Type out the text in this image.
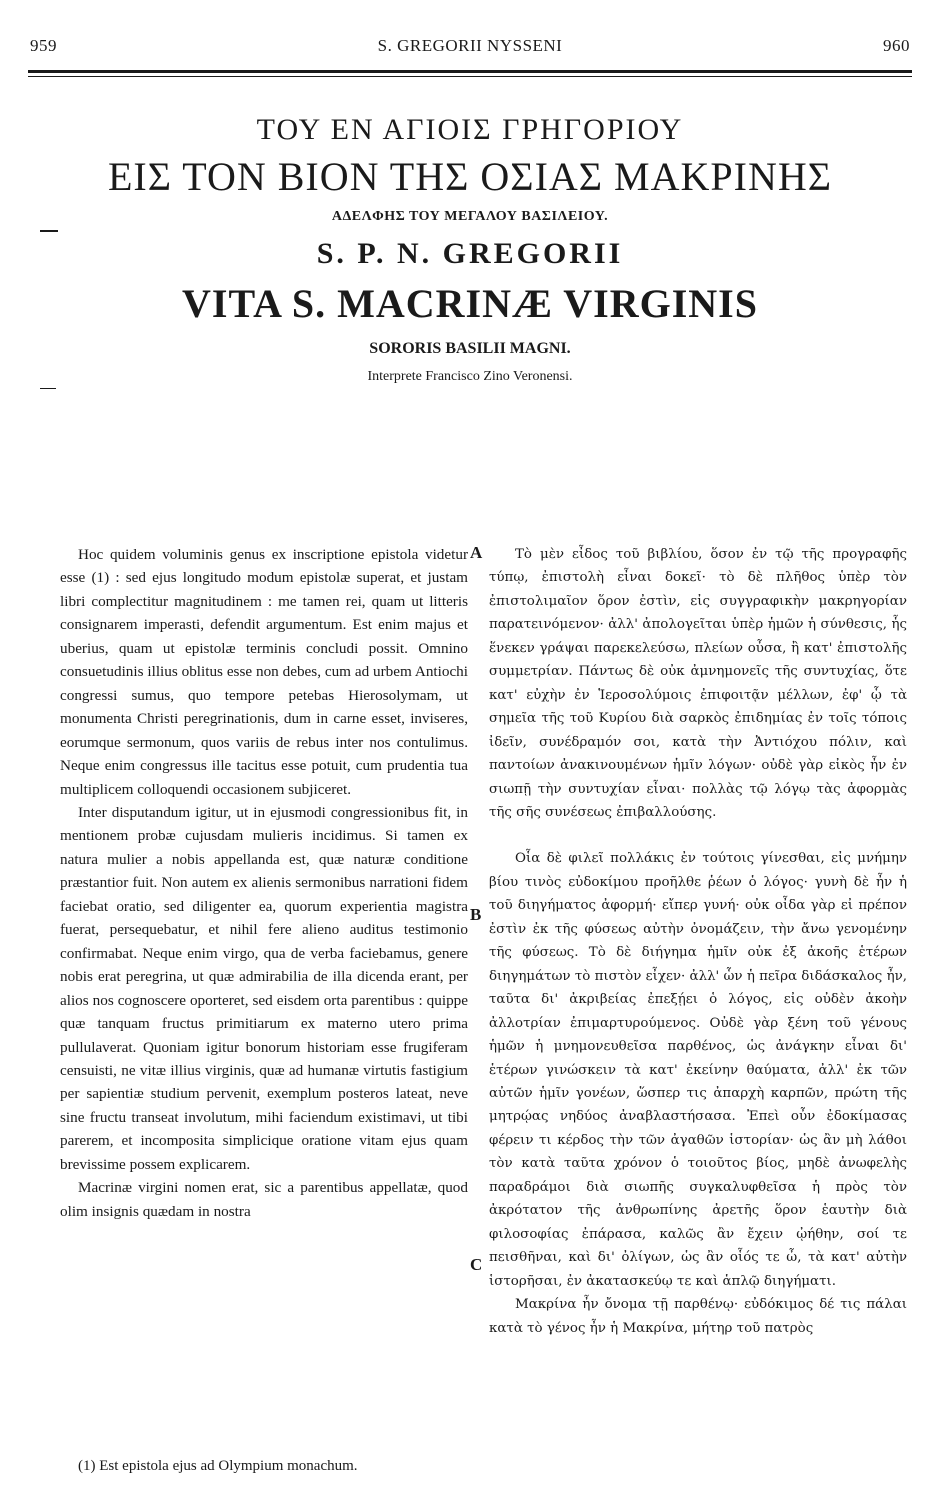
959	S. GREGORII NYSSENI	960
ΤΟΥ ΕΝ ΑΓΙΟΙΣ ΓΡΗΓΟΡΙΟΥ
ΕΙΣ ΤΟΝ ΒΙΟΝ ΤΗΣ ΟΣΙΑΣ ΜΑΚΡΙΝΗΣ
ΑΔΕΛΦΗΣ ΤΟΥ ΜΕΓΑΛΟΥ ΒΑΣΙΛΕΙΟΥ.
S. P. N. GREGORII
VITA S. MACRINÆ VIRGINIS
SORORIS BASILII MAGNI.
Interprete Francisco Zino Veronensi.

Hoc quidem voluminis genus ex inscriptione epistola videtur esse (1) : sed ejus longitudo modum epistolæ superat, et justam libri complectitur magnitudinem : me tamen rei, quam ut litteris consignarem imperasti, defendit argumentum. Est enim majus et uberius, quam ut epistolæ terminis concludi possit. Omnino consuetudinis illius oblitus esse non debes, cum ad urbem Antiochi congressi sumus, quo tempore petebas Hierosolymam, ut monumenta Christi peregrinationis, dum in carne esset, inviseres, eorumque sermonum, quos variis de rebus inter nos contulimus. Neque enim congressus ille tacitus esse potuit, cum prudentia tua multiplicem colloquendi occasionem subjiceret.

Inter disputandum igitur, ut in ejusmodi congressionibus fit, in mentionem probæ cujusdam mulieris incidimus. Si tamen ex natura mulier a nobis appellanda est, quæ naturæ conditione præstantior fuit. Non autem ex alienis sermonibus narrationi fidem faciebat oratio, sed diligenter ea, quorum experientia magistra fuerat, persequebatur, et nihil fere alieno auditus testimonio confirmabat. Neque enim virgo, qua de verba faciebamus, genere nobis erat peregrina, ut quæ admirabilia de illa dicenda erant, per alios nos cognoscere oporteret, sed eisdem orta parentibus : quippe quæ tanquam fructus primitiarum ex materno utero prima pullulaverat. Quoniam igitur bonorum historiam esse frugiferam censuisti, ne vitæ illius virginis, quæ ad humanæ virtutis fastigium per sapientiæ studium pervenit, exemplum posteros lateat, neve sine fructu transeat involutum, mihi faciendum existimavi, ut tibi parerem, et incomposita simplicique oratione vitam ejus quam brevissime possem explicarem.

Macrinæ virgini nomen erat, sic a parentibus appellatæ, quod olim insignis quædam in nostra

Τὸ μὲν εἶδος τοῦ βιβλίου, ὅσον ἐν τῷ τῆς προγραφῆς τύπῳ, ἐπιστολὴ εἶναι δοκεῖ· τὸ δὲ πλῆθος ὑπὲρ τὸν ἐπιστολιμαῖον ὅρον ἐστὶν, εἰς συγγραφικὴν μακρηγορίαν παρατεινόμενον· ἀλλ' ἀπολογεῖται ὑπὲρ ἡμῶν ἡ σύνθεσις, ἧς ἕνεκεν γράψαι παρεκελεύσω, πλείων οὖσα, ἢ κατ' ἐπιστολῆς συμμετρίαν. Πάντως δὲ οὐκ ἀμνημονεῖς τῆς συντυχίας, ὅτε κατ' εὐχὴν ἐν Ἱεροσολύμοις ἐπιφοιτᾷν μέλλων, ἐφ' ᾧ τὰ σημεῖα τῆς τοῦ Κυρίου διὰ σαρκὸς ἐπιδημίας ἐν τοῖς τόποις ἰδεῖν, συνέδραμόν σοι, κατὰ τὴν Ἀντιόχου πόλιν, καὶ παντοίων ἀνακινουμένων ἡμῖν λόγων· οὐδὲ γὰρ εἰκὸς ἦν ἐν σιωπῇ τὴν συντυχίαν εἶναι· πολλὰς τῷ λόγῳ τὰς ἀφορμὰς τῆς σῆς συνέσεως ἐπιβαλλούσης.

Οἷα δὲ φιλεῖ πολλάκις ἐν τούτοις γίνεσθαι, εἰς μνήμην βίου τινὸς εὐδοκίμου προῆλθε ῥέων ὁ λόγος· γυνὴ δὲ ἦν ἡ τοῦ διηγήματος ἀφορμή· εἴπερ γυνή· οὐκ οἶδα γὰρ εἰ πρέπον ἐστὶν ἐκ τῆς φύσεως αὐτὴν ὀνομάζειν, τὴν ἄνω γενομένην τῆς φύσεως. Τὸ δὲ διήγημα ἡμῖν οὐκ ἐξ ἀκοῆς ἑτέρων διηγημάτων τὸ πιστὸν εἶχεν· ἀλλ' ὧν ἡ πεῖρα διδάσκαλος ἦν, ταῦτα δι' ἀκριβείας ἐπεξῄει ὁ λόγος, εἰς οὐδὲν ἀκοὴν ἀλλοτρίαν ἐπιμαρτυρούμενος. Οὐδὲ γὰρ ξένη τοῦ γένους ἡμῶν ἡ μνημονευθεῖσα παρθένος, ὡς ἀνάγκην εἶναι δι' ἑτέρων γινώσκειν τὰ κατ' ἐκείνην θαύματα, ἀλλ' ἐκ τῶν αὐτῶν ἡμῖν γονέων, ὥσπερ τις ἀπαρχὴ καρπῶν, πρώτη τῆς μητρῴας νηδύος ἀναβλαστήσασα. Ἐπεὶ οὖν ἐδοκίμασας φέρειν τι κέρδος τὴν τῶν ἀγαθῶν ἱστορίαν· ὡς ἂν μὴ λάθοι τὸν κατὰ ταῦτα χρόνον ὁ τοιοῦτος βίος, μηδὲ ἀνωφελὴς παραδράμοι διὰ σιωπῆς συγκαλυφθεῖσα ἡ πρὸς τὸν ἀκρότατον τῆς ἀνθρωπίνης ἀρετῆς ὅρον ἑαυτὴν διὰ φιλοσοφίας ἐπάρασα, καλῶς ἂν ἔχειν ᾠήθην, σοί τε πεισθῆναι, καὶ δι' ὀλίγων, ὡς ἂν οἷός τε ὦ, τὰ κατ' αὐτὴν ἱστορῆσαι, ἐν ἀκατασκεύῳ τε καὶ ἁπλῷ διηγήματι.

Μακρίνα ἦν ὄνομα τῇ παρθένῳ· εὐδόκιμος δέ τις πάλαι κατὰ τὸ γένος ἦν ἡ Μακρίνα, μήτηρ τοῦ πατρὸς

A
B
C
(1) Est epistola ejus ad Olympium monachum.
